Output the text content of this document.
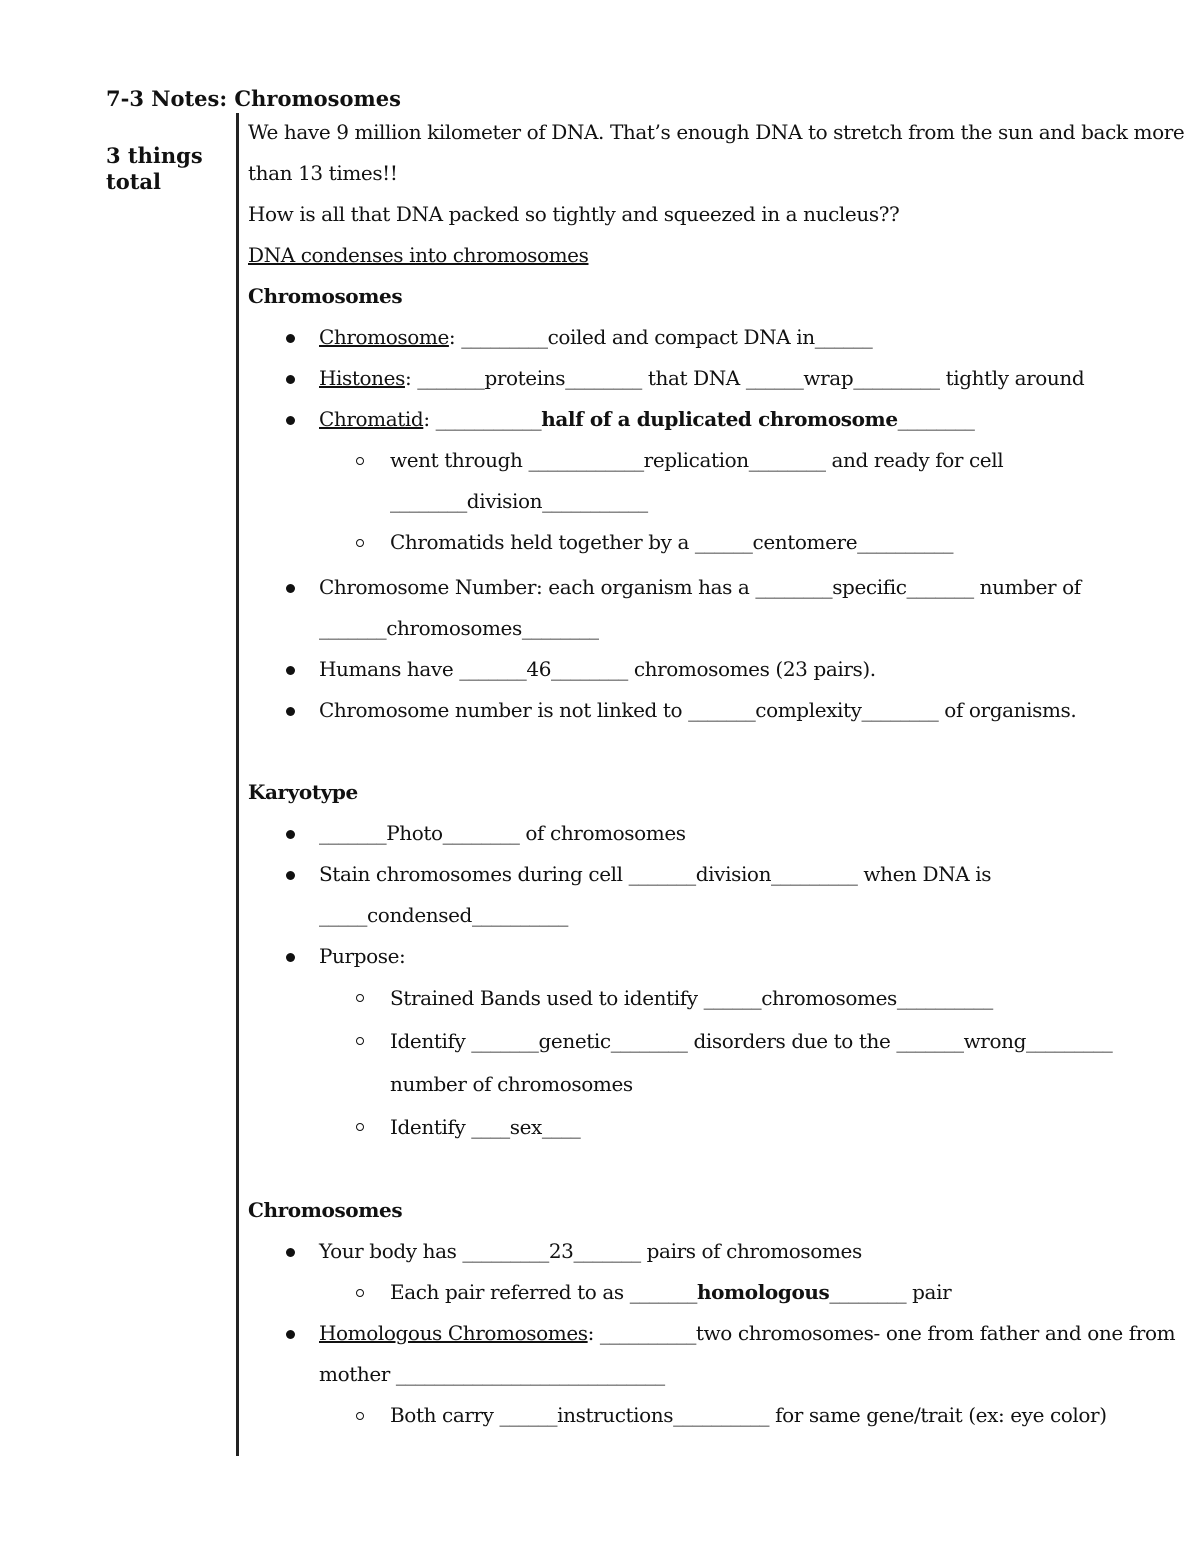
7-3 Notes: Chromosomes
3 things total

We have 9 million kilometer of DNA. That’s enough DNA to stretch from the sun and back more than 13 times!!

How is all that DNA packed so tightly and squeezed in a nucleus??

DNA condenses into chromosomes

Chromosomes

Chromosome: _________coiled and compact DNA in______
Histones: _______proteins________ that DNA ______wrap_________ tightly around
Chromatid: ___________half of a duplicated chromosome________
went through ____________replication________ and ready for cell ________division___________
Chromatids held together by a ______centomere__________
Chromosome Number: each organism has a ________specific_______ number of _______chromosomes________
Humans have _______46________ chromosomes (23 pairs).
Chromosome number is not linked to _______complexity________ of organisms.

Karyotype

_______Photo________ of chromosomes
Stain chromosomes during cell _______division_________ when DNA is _____condensed__________
Purpose:
Strained Bands used to identify ______chromosomes__________
Identify _______genetic________ disorders due to the _______wrong_________ number of chromosomes
Identify ____sex____

Chromosomes

Your body has _________23_______ pairs of chromosomes
Each pair referred to as _______homologous________ pair
Homologous Chromosomes: __________two chromosomes- one from father and one from mother ____________________________
Both carry ______instructions__________ for same gene/trait (ex: eye color)
